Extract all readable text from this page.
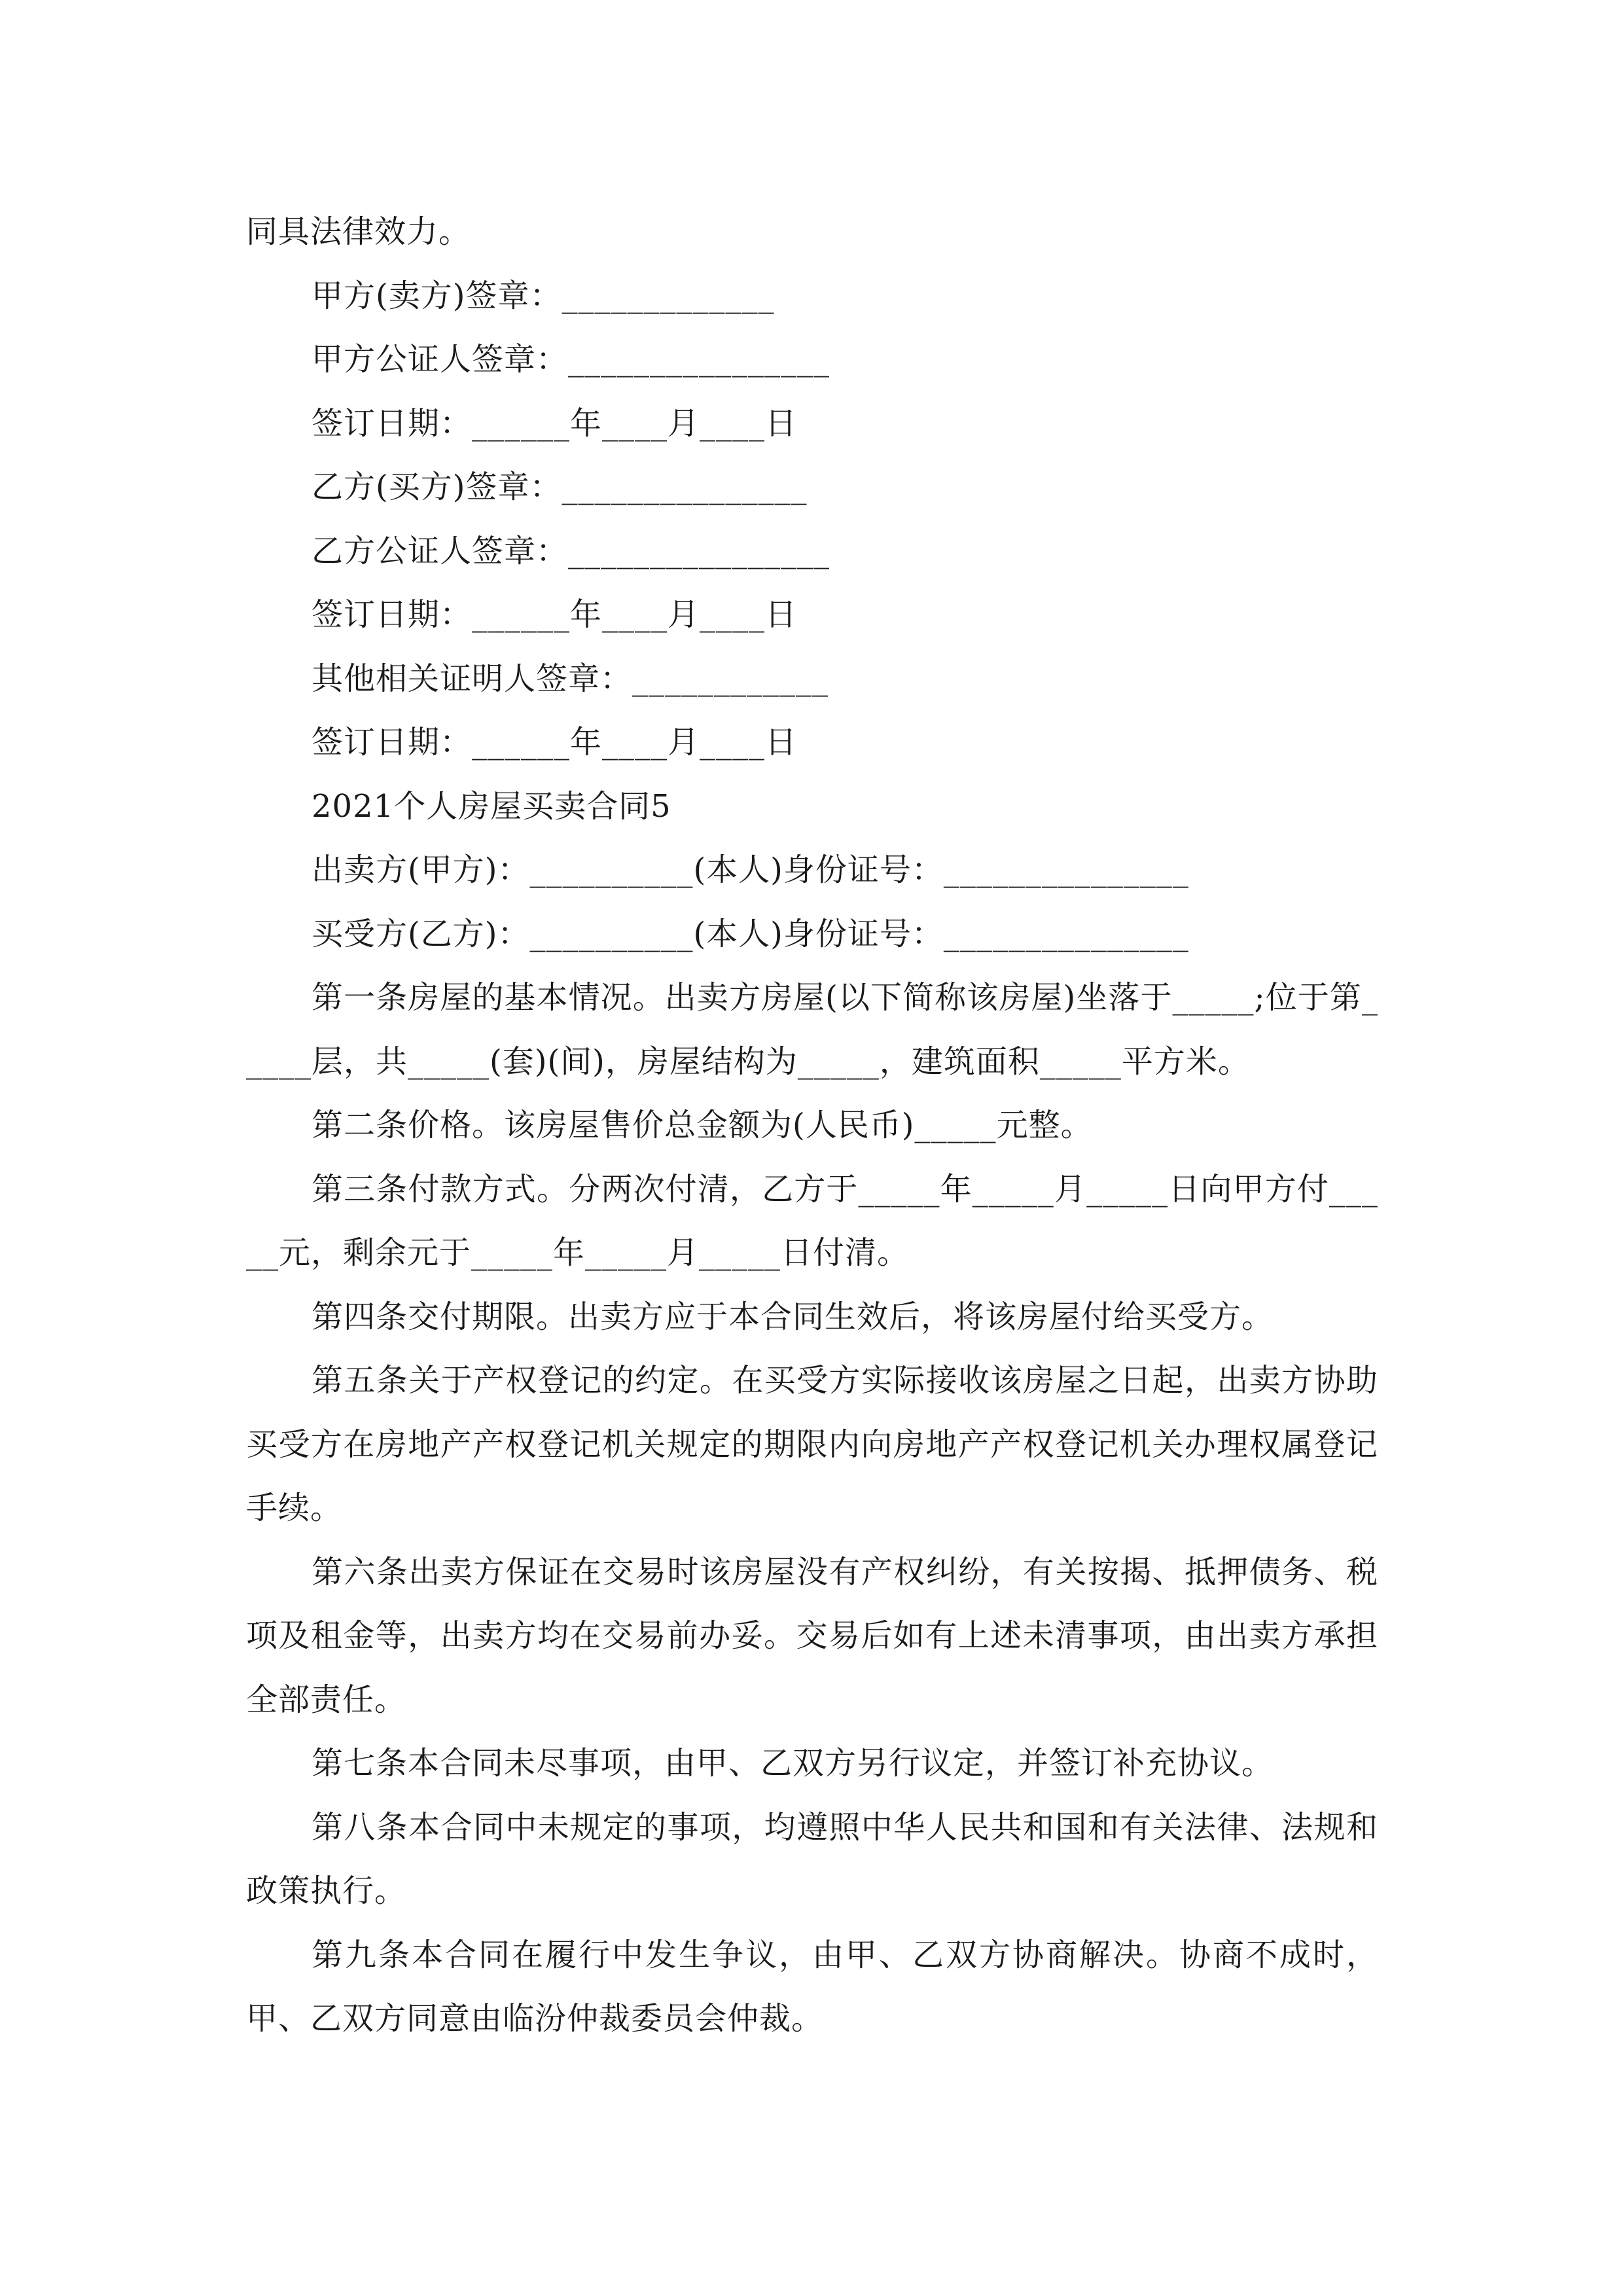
同具法律效力。
甲方(卖方)签章：_____________
甲方公证人签章：________________
签订日期：______年____月____日
乙方(买方)签章：_______________
乙方公证人签章：________________
签订日期：______年____月____日
其他相关证明人签章：____________
签订日期：______年____月____日
2021个人房屋买卖合同5
出卖方(甲方)：__________(本人)身份证号：_______________
买受方(乙方)：__________(本人)身份证号：_______________
第一条房屋的基本情况。出卖方房屋(以下简称该房屋)坐落于_____;位于第_____层，共_____(套)(间)，房屋结构为_____，建筑面积_____平方米。
第二条价格。该房屋售价总金额为(人民币)_____元整。
第三条付款方式。分两次付清，乙方于_____年_____月_____日向甲方付_____元，剩余元于_____年_____月_____日付清。
第四条交付期限。出卖方应于本合同生效后，将该房屋付给买受方。
第五条关于产权登记的约定。在买受方实际接收该房屋之日起，出卖方协助买受方在房地产产权登记机关规定的期限内向房地产产权登记机关办理权属登记手续。
第六条出卖方保证在交易时该房屋没有产权纠纷，有关按揭、抵押债务、税项及租金等，出卖方均在交易前办妥。交易后如有上述未清事项，由出卖方承担全部责任。
第七条本合同未尽事项，由甲、乙双方另行议定，并签订补充协议。
第八条本合同中未规定的事项，均遵照中华人民共和国和有关法律、法规和政策执行。
第九条本合同在履行中发生争议，由甲、乙双方协商解决。协商不成时，甲、乙双方同意由临汾仲裁委员会仲裁。
